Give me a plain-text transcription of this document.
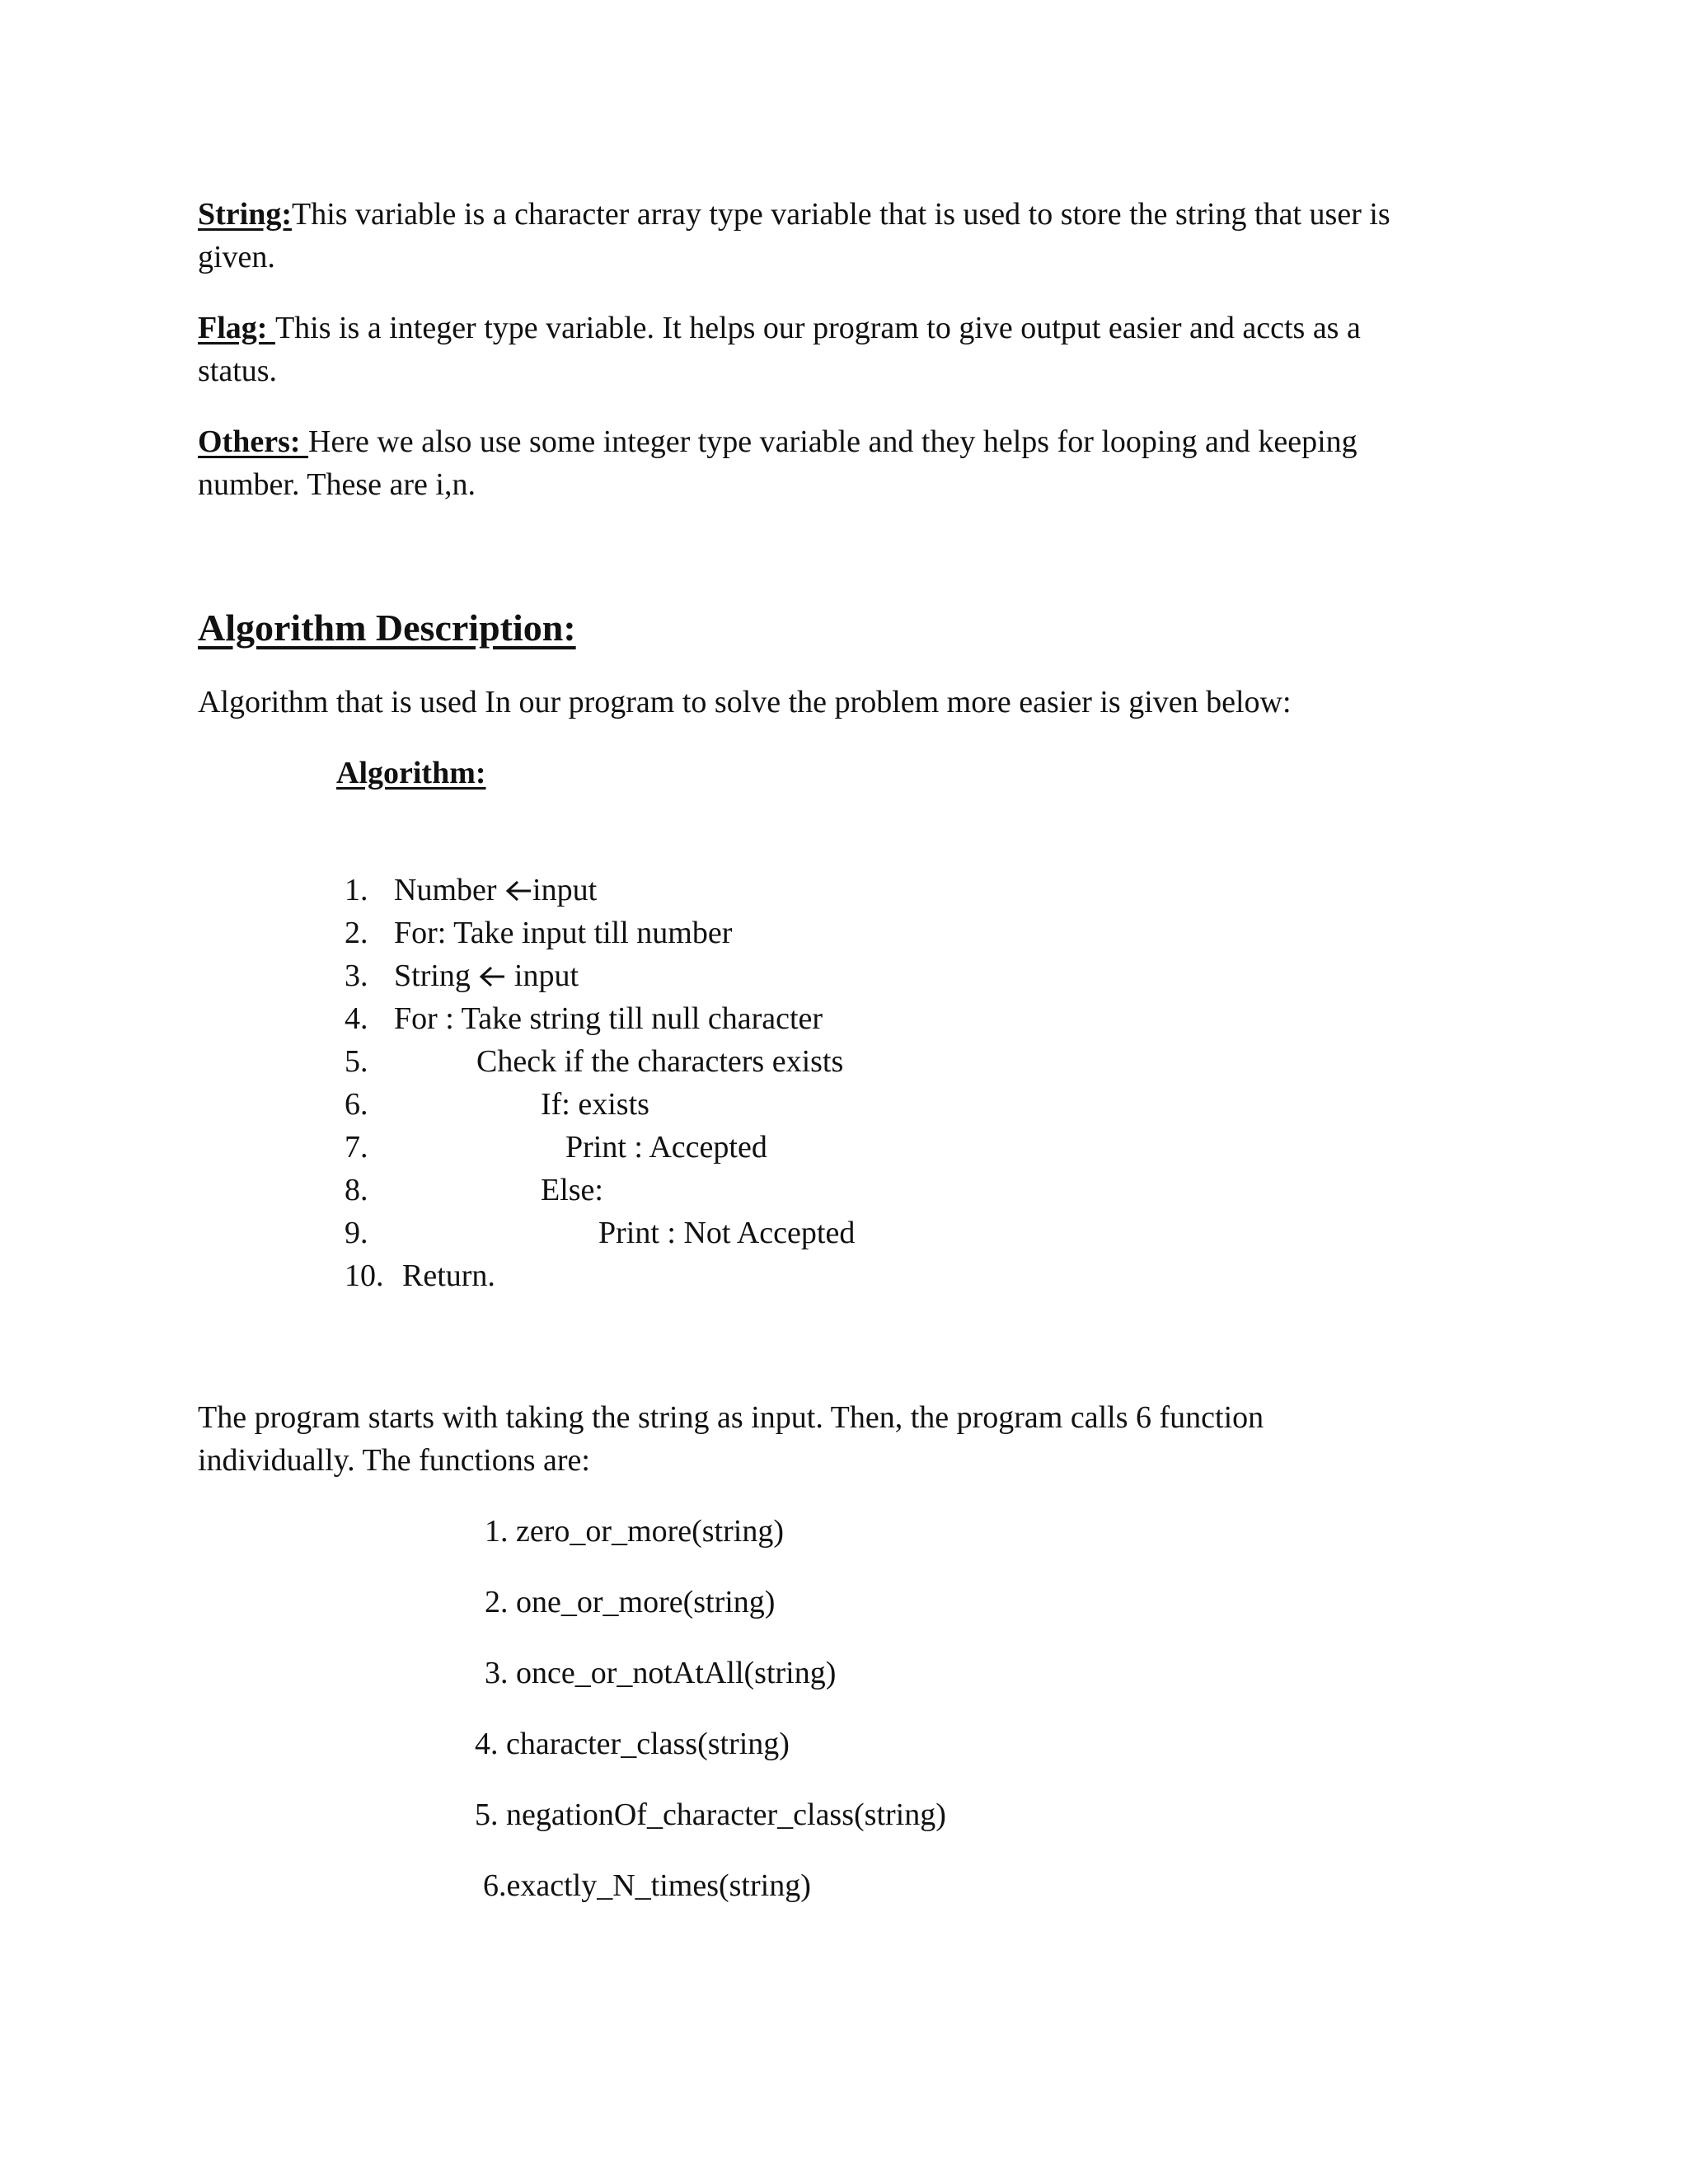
String:This variable is a character array type variable that is used to store the string that user is
given.
Flag: This is a integer type variable. It helps our program to give output easier and accts as a
status.
Others: Here we also use some integer type variable and they helps for looping and keeping
number. These are i,n.
Algorithm Description:
Algorithm that is used In our program to solve the problem more easier is given below:
Algorithm:
1. Number input
2. For: Take input till number
3. String  input
4. For : Take string till null character
5.	Check if the characters exists
6.	If: exists
7.	Print : Accepted
8.	Else:
9.	Print : Not Accepted
10. Return.
The program starts with taking the string as input. Then, the program calls 6 function
individually. The functions are:
1. zero_or_more(string)
2. one_or_more(string)
3. once_or_notAtAll(string)
4. character_class(string)
5. negationOf_character_class(string)
6.exactly_N_times(string)
